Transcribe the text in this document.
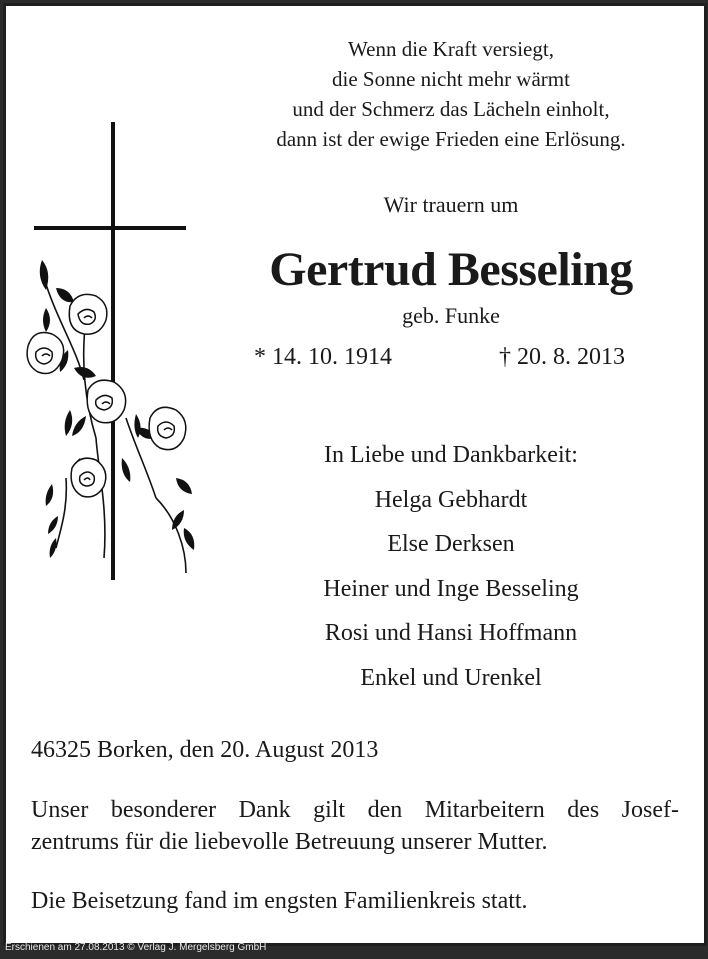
Wenn die Kraft versiegt,
die Sonne nicht mehr wärmt
und der Schmerz das Lächeln einholt,
dann ist der ewige Frieden eine Erlösung.
Wir trauern um
Gertrud Besseling
geb. Funke
* 14. 10. 1914	† 20. 8. 2013
In Liebe und Dankbarkeit:
Helga Gebhardt
Else Derksen
Heiner und Inge Besseling
Rosi und Hansi Hoffmann
Enkel und Urenkel
46325 Borken, den 20. August 2013
Unser besonderer Dank gilt den Mitarbeitern des Josef-
zentrums für die liebevolle Betreuung unserer Mutter.
Die Beisetzung fand im engsten Familienkreis statt.
Erschienen am 27.08.2013 © Verlag J. Mergelsberg GmbH
